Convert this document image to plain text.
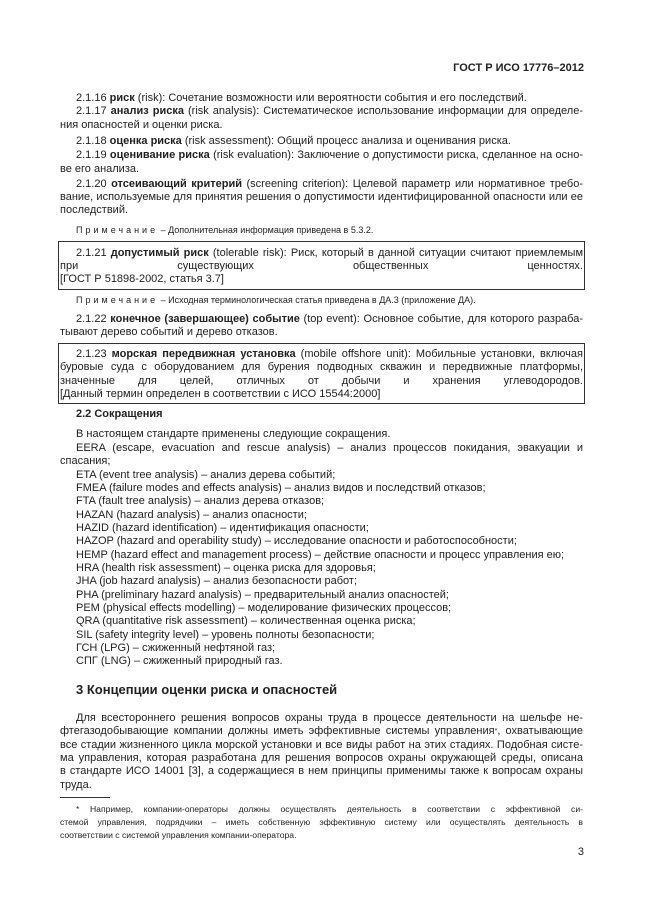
ГОСТ Р ИСО 17776–2012
2.1.16 риск (risk): Сочетание возможности или вероятности события и его последствий.
2.1.17 анализ риска (risk analysis): Систематическое использование информации для определе-
ния опасностей и оценки риска.
2.1.18 оценка риска (risk assessment): Общий процесс анализа и оценивания риска.
2.1.19 оценивание риска (risk evaluation): Заключение о допустимости риска, сделанное на осно-
ве его анализа.
2.1.20 отсеивающий критерий (screening criterion): Целевой параметр или нормативное требо-
вание, используемые для принятия решения о допустимости идентифицированной опасности или ее
последствий.
Примечание – Дополнительная информация приведена в 5.3.2.
2.1.21 допустимый риск (tolerable risk): Риск, который в данной ситуации считают приемлемым
при существующих общественных ценностях.
[ГОСТ Р 51898-2002, статья 3.7]
Примечание – Исходная терминологическая статья приведена в ДА.3 (приложение ДА).
2.1.22 конечное (завершающее) событие (top event): Основное событие, для которого разраба-
тывают дерево событий и дерево отказов.
2.1.23 морская передвижная установка (mobile offshore unit): Мобильные установки, включая
буровые суда с оборудованием для бурения подводных скважин и передвижные платформы,
значенные для целей, отличных от добычи и хранения углеводородов.
[Данный термин определен в соответствии с ИСО 15544:2000]
2.2 Сокращения
В настоящем стандарте применены следующие сокращения.
EERA (escape, evacuation and rescue analysis) – анализ процессов покидания, эвакуации и
спасания;
ETA (event tree analysis) – анализ дерева событий;
FMEA (failure modes and effects analysis) – анализ видов и последствий отказов;
FTA (fault tree analysis) – анализ дерева отказов;
HAZAN (hazard analysis) – анализ опасности;
HAZID (hazard identification) – идентификация опасности;
HAZOP (hazard and operability study) – исследование опасности и работоспособности;
HEMP (hazard effect and management process) – действие опасности и процесс управления ею;
HRA (health risk assessment) – оценка риска для здоровья;
JHA (job hazard analysis) – анализ безопасности работ;
PHA (preliminary hazard analysis) – предварительный анализ опасностей;
PEM (physical effects modelling) – моделирование физических процессов;
QRA (quantitative risk assessment) – количественная оценка риска;
SIL (safety integrity level) – уровень полноты безопасности;
ГСН (LPG) – сжиженный нефтяной газ;
СПГ (LNG) – сжиженный природный газ.
3 Концепции оценки риска и опасностей
Для всестороннего решения вопросов охраны труда в процессе деятельности на шельфе не-
фтегазодобывающие компании должны иметь эффективные системы управления*, охватывающие
все стадии жизненного цикла морской установки и все виды работ на этих стадиях. Подобная систе-
ма управления, которая разработана для решения вопросов охраны окружающей среды, описана
в стандарте ИСО 14001 [3], а содержащиеся в нем принципы применимы также к вопросам охраны
труда.
* Например, компании-операторы должны осуществлять деятельность в соответствии с эффективной си-
стемой управления, подрядчики – иметь собственную эффективную систему или осуществлять деятельность в
соответствии с системой управления компании-оператора.
3
